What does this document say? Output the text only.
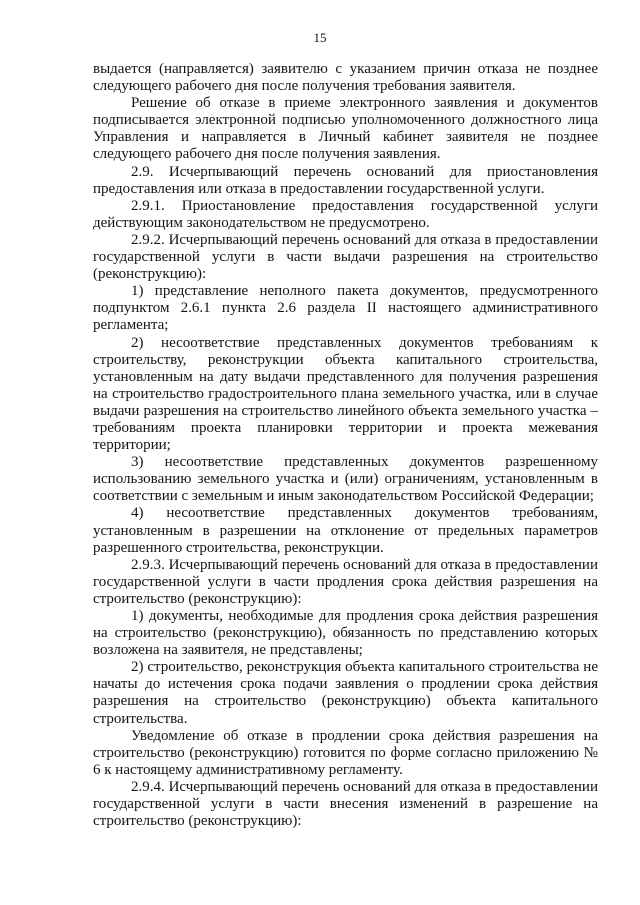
15

выдается (направляется) заявителю с указанием причин отказа не позднее следующего рабочего дня после получения требования заявителя.

Решение об отказе в приеме электронного заявления и документов подписывается электронной подписью уполномоченного должностного лица Управления и направляется в Личный кабинет заявителя не позднее следующего рабочего дня после получения заявления.

2.9. Исчерпывающий перечень оснований для приостановления предоставления или отказа в предоставлении государственной услуги.

2.9.1. Приостановление предоставления государственной услуги действующим законодательством не предусмотрено.

2.9.2. Исчерпывающий перечень оснований для отказа в предоставлении государственной услуги в части выдачи разрешения на строительство (реконструкцию):

1) представление неполного пакета документов, предусмотренного подпунктом 2.6.1 пункта 2.6 раздела II настоящего административного регламента;

2) несоответствие представленных документов требованиям к строительству, реконструкции объекта капитального строительства, установленным на дату выдачи представленного для получения разрешения на строительство градостроительного плана земельного участка, или в случае выдачи разрешения на строительство линейного объекта земельного участка – требованиям проекта планировки территории и проекта межевания территории;

3) несоответствие представленных документов разрешенному использованию земельного участка и (или) ограничениям, установленным в соответствии с земельным и иным законодательством Российской Федерации;

4) несоответствие представленных документов требованиям, установленным в разрешении на отклонение от предельных параметров разрешенного строительства, реконструкции.

2.9.3. Исчерпывающий перечень оснований для отказа в предоставлении государственной услуги в части продления срока действия разрешения на строительство (реконструкцию):

1) документы, необходимые для продления срока действия разрешения на строительство (реконструкцию), обязанность по представлению которых возложена на заявителя, не представлены;

2) строительство, реконструкция объекта капитального строительства не начаты до истечения срока подачи заявления о продлении срока действия разрешения на строительство (реконструкцию) объекта капитального строительства.

Уведомление об отказе в продлении срока действия разрешения на строительство (реконструкцию) готовится по форме согласно приложению № 6 к настоящему административному регламенту.

2.9.4. Исчерпывающий перечень оснований для отказа в предоставлении государственной услуги в части внесения изменений в разрешение на строительство (реконструкцию):
